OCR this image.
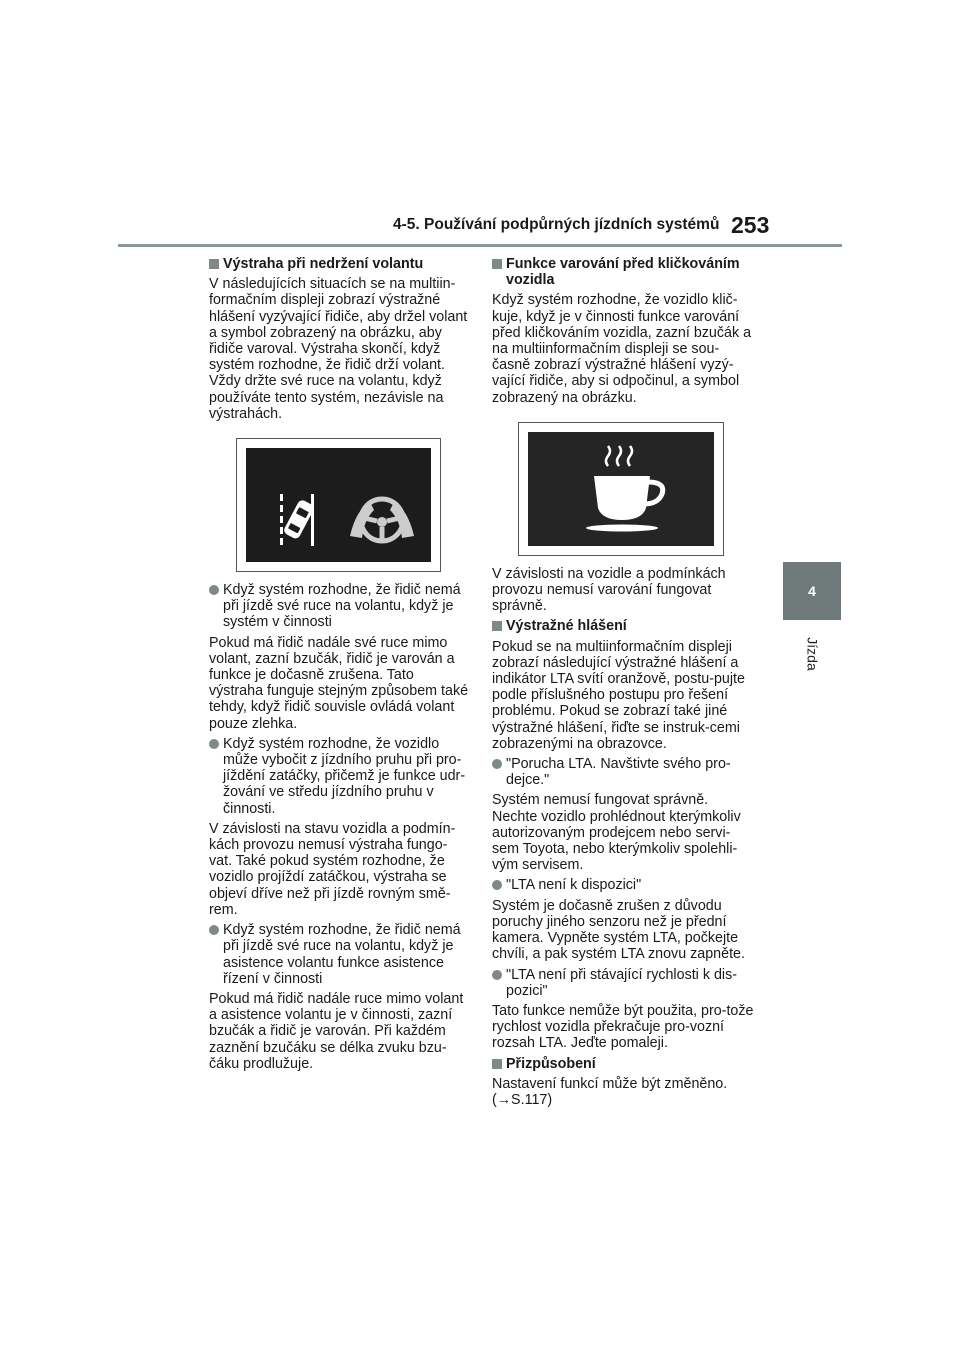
4-5. Používání podpůrných jízdních systémů 253
4
Jízda
Výstraha při nedržení volantu

V následujících situacích se na multiin-formačním displeji zobrazí výstražné hlášení vyzývající řidiče, aby držel volant a symbol zobrazený na obrázku, aby řidiče varoval. Výstraha skončí, když systém rozhodne, že řidič drží volant. Vždy držte své ruce na volantu, když používáte tento systém, nezávisle na výstrahách.

Když systém rozhodne, že řidič nemá při jízdě své ruce na volantu, když je systém v činnosti

Pokud má řidič nadále své ruce mimo volant, zazní bzučák, řidič je varován a funkce je dočasně zrušena. Tato výstraha funguje stejným způsobem také tehdy, když řidič souvisle ovládá volant pouze zlehka.

Když systém rozhodne, že vozidlo může vybočit z jízdního pruhu při pro-jíždění zatáčky, přičemž je funkce udr-žování ve středu jízdního pruhu v činnosti.

V závislosti na stavu vozidla a podmín-kách provozu nemusí výstraha fungo-vat. Také pokud systém rozhodne, že vozidlo projíždí zatáčkou, výstraha se objeví dříve než při jízdě rovným smě-rem.

Když systém rozhodne, že řidič nemá při jízdě své ruce na volantu, když je asistence volantu funkce asistence řízení v činnosti

Pokud má řidič nadále ruce mimo volant a asistence volantu je v činnosti, zazní bzučák a řidič je varován. Při každém zaznění bzučáku se délka zvuku bzu-čáku prodlužuje.

Funkce varování před kličkováním vozidla

Když systém rozhodne, že vozidlo klič-kuje, když je v činnosti funkce varování před kličkováním vozidla, zazní bzučák a na multiinformačním displeji se sou-časně zobrazí výstražné hlášení vyzý-vající řidiče, aby si odpočinul, a symbol zobrazený na obrázku.

V závislosti na vozidle a podmínkách provozu nemusí varování fungovat správně.

Výstražné hlášení

Pokud se na multiinformačním displeji zobrazí následující výstražné hlášení a indikátor LTA svítí oranžově, postu-pujte podle příslušného postupu pro řešení problému. Pokud se zobrazí také jiné výstražné hlášení, řiďte se instruk-cemi zobrazenými na obrazovce.

"Porucha LTA. Navštivte svého pro-dejce."

Systém nemusí fungovat správně. Nechte vozidlo prohlédnout kterýmkoliv autorizovaným prodejcem nebo servi-sem Toyota, nebo kterýmkoliv spolehli-vým servisem.

"LTA není k dispozici"

Systém je dočasně zrušen z důvodu poruchy jiného senzoru než je přední kamera. Vypněte systém LTA, počkejte chvíli, a pak systém LTA znovu zapněte.

"LTA není při stávající rychlosti k dis-pozici"

Tato funkce nemůže být použita, pro-tože rychlost vozidla překračuje pro-vozní rozsah LTA. Jeďte pomaleji.

Přizpůsobení

Nastavení funkcí může být změněno. (→S.117)
